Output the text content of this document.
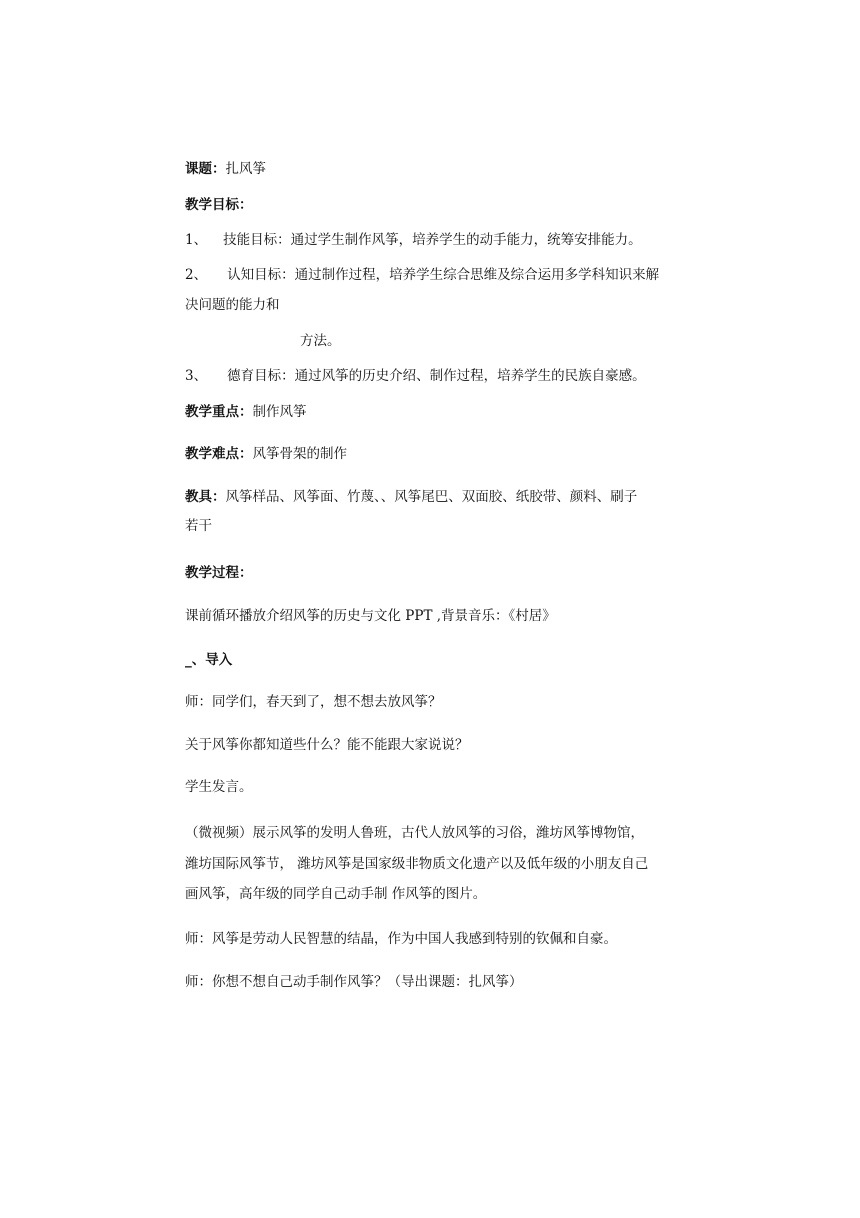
课题：扎风筝
教学目标：
1、 技能目标：通过学生制作风筝，培养学生的动手能力，统筹安排能力。
2、 认知目标：通过制作过程，培养学生综合思维及综合运用多学科知识来解
决问题的能力和
方法。
3、 德育目标：通过风筝的历史介绍、制作过程，培养学生的民族自豪感。
教学重点：制作风筝
教学难点：风筝骨架的制作
教具：风筝样品、风筝面、竹蔑、、风筝尾巴、双面胶、纸胶带、颜料、刷子
若干
教学过程：
课前循环播放介绍风筝的历史与文化 PPT ,背景音乐：《村居》
_、导入
师：同学们，春天到了，想不想去放风筝？
关于风筝你都知道些什么？能不能跟大家说说？
学生发言。
（微视频）展示风筝的发明人鲁班，古代人放风筝的习俗，潍坊风筝博物馆，
潍坊国际风筝节， 潍坊风筝是国家级非物质文化遗产以及低年级的小朋友自己
画风筝，高年级的同学自己动手制 作风筝的图片。
师：风筝是劳动人民智慧的结晶，作为中国人我感到特别的钦佩和自豪。
师：你想不想自己动手制作风筝？（导出课题：扎风筝）
